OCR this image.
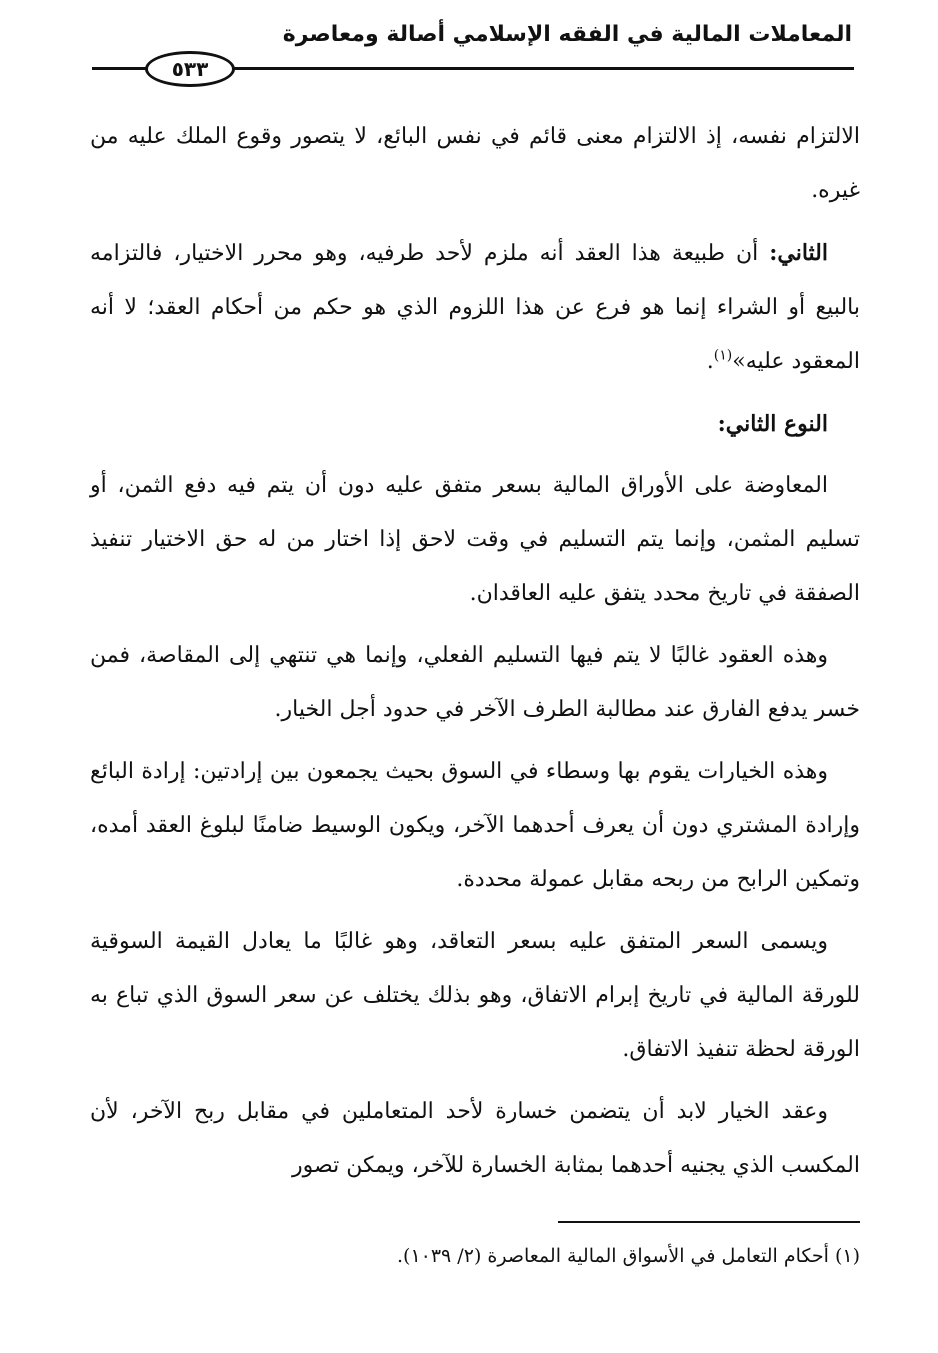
المعاملات المالية في الفقه الإسلامي أصالة ومعاصرة
٥٣٣

الالتزام نفسه، إذ الالتزام معنى قائم في نفس البائع، لا يتصور وقوع الملك عليه من غيره.

الثاني: أن طبيعة هذا العقد أنه ملزم لأحد طرفيه، وهو محرر الاختيار، فالتزامه بالبيع أو الشراء إنما هو فرع عن هذا اللزوم الذي هو حكم من أحكام العقد؛ لا أنه المعقود عليه»$^{(١)}$.

النوع الثاني:

المعاوضة على الأوراق المالية بسعر متفق عليه دون أن يتم فيه دفع الثمن، أو تسليم المثمن، وإنما يتم التسليم في وقت لاحق إذا اختار من له حق الاختيار تنفيذ الصفقة في تاريخ محدد يتفق عليه العاقدان.

وهذه العقود غالبًا لا يتم فيها التسليم الفعلي، وإنما هي تنتهي إلى المقاصة، فمن خسر يدفع الفارق عند مطالبة الطرف الآخر في حدود أجل الخيار.

وهذه الخيارات يقوم بها وسطاء في السوق بحيث يجمعون بين إرادتين: إرادة البائع وإرادة المشتري دون أن يعرف أحدهما الآخر، ويكون الوسيط ضامنًا لبلوغ العقد أمده، وتمكين الرابح من ربحه مقابل عمولة محددة.

ويسمى السعر المتفق عليه بسعر التعاقد، وهو غالبًا ما يعادل القيمة السوقية للورقة المالية في تاريخ إبرام الاتفاق، وهو بذلك يختلف عن سعر السوق الذي تباع به الورقة لحظة تنفيذ الاتفاق.

وعقد الخيار لابد أن يتضمن خسارة لأحد المتعاملين في مقابل ربح الآخر، لأن المكسب الذي يجنيه أحدهما بمثابة الخسارة للآخر، ويمكن تصور

(١) أحكام التعامل في الأسواق المالية المعاصرة (٢/ ١٠٣٩).
